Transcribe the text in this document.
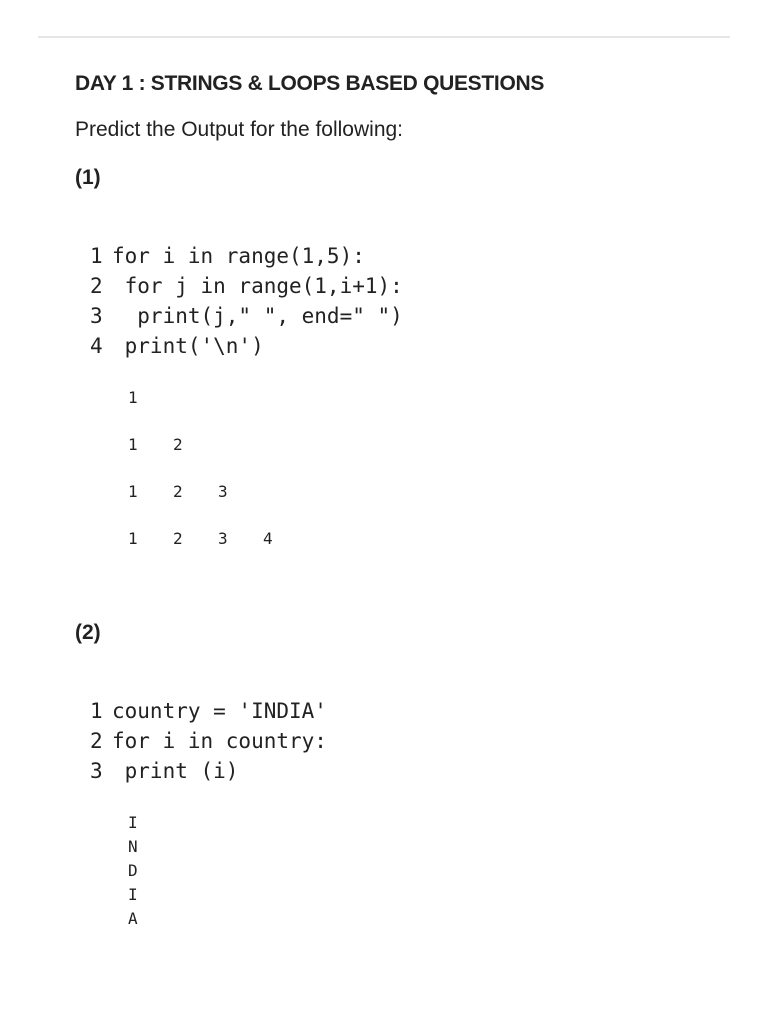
DAY 1 : STRINGS & LOOPS BASED QUESTIONS
Predict the Output for the following:
(1)
1 for i in range(1,5):
2 for j in range(1,i+1):
3 print(j," ", end=" ")
4 print('\n')
1
1 2
1 2 3
1 2 3 4
(2)
1 country = 'INDIA'
2 for i in country:
3 print (i)
I
N
D
I
A
